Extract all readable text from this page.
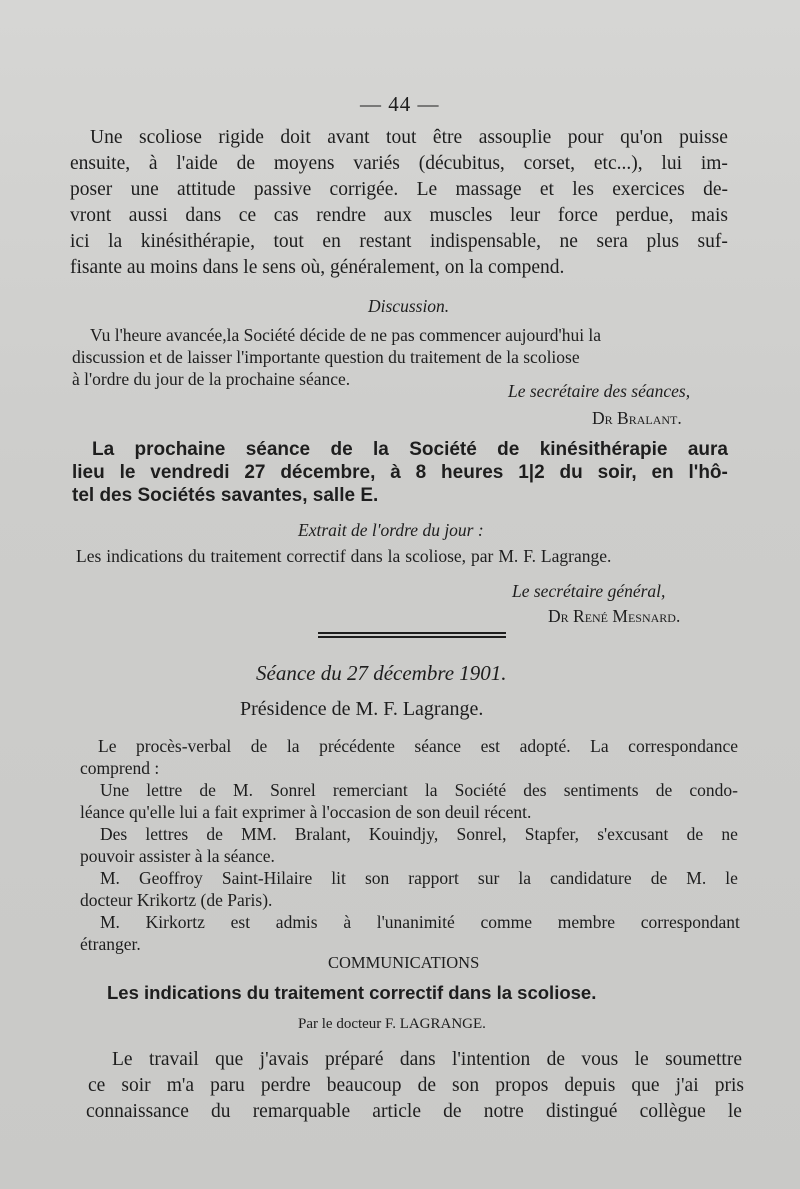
— 44 —
Une scoliose rigide doit avant tout être assouplie pour qu'on puisse
ensuite, à l'aide de moyens variés (décubitus, corset, etc...), lui im-
poser une attitude passive corrigée. Le massage et les exercices de-
vront aussi dans ce cas rendre aux muscles leur force perdue, mais
ici la kinésithérapie, tout en restant indispensable, ne sera plus suf-
fisante au moins dans le sens où, généralement, on la compend.
Discussion.
Vu l'heure avancée,la Société décide de ne pas commencer aujourd'hui la
discussion et de laisser l'importante question du traitement de la scoliose
à l'ordre du jour de la prochaine séance.
Le secrétaire des séances,
Dr Bralant.
La prochaine séance de la Société de kinésithérapie aura
lieu le vendredi 27 décembre, à 8 heures 1|2 du soir, en l'hô-
tel des Sociétés savantes, salle E.
Extrait de l'ordre du jour :
Les indications du traitement correctif dans la scoliose, par M. F. Lagrange.
Le secrétaire général,
Dr René Mesnard.
Séance du 27 décembre 1901.
Présidence de M. F. Lagrange.
Le procès-verbal de la précédente séance est adopté. La correspondance
comprend :
Une lettre de M. Sonrel remerciant la Société des sentiments de condo-
léance qu'elle lui a fait exprimer à l'occasion de son deuil récent.
Des lettres de MM. Bralant, Kouindjy, Sonrel, Stapfer, s'excusant de ne
pouvoir assister à la séance.
M. Geoffroy Saint-Hilaire lit son rapport sur la candidature de M. le
docteur Krikortz (de Paris).
M. Kirkortz est admis à l'unanimité comme membre correspondant
étranger.
COMMUNICATIONS
Les indications du traitement correctif dans la scoliose.
Par le docteur F. LAGRANGE.
Le travail que j'avais préparé dans l'intention de vous le soumettre
ce soir m'a paru perdre beaucoup de son propos depuis que j'ai pris
connaissance du remarquable article de notre distingué collègue le
